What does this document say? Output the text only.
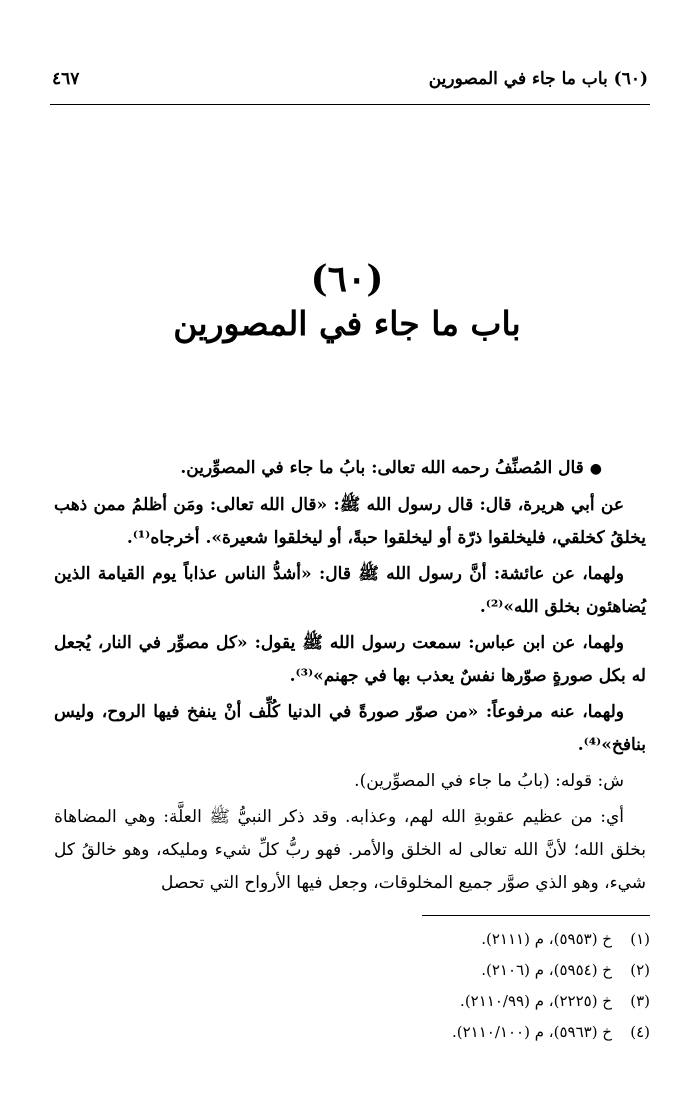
(٦٠) باب ما جاء في المصورين
٤٦٧
(٦٠)
باب ما جاء في المصورين

●قال المُصنِّفُ رحمه الله تعالى: بابُ ما جاء في المصوِّرين.

عن أبي هريرة، قال: قال رسول الله ﷺ: «قال الله تعالى: ومَن أظلمُ ممن ذهب يخلقُ كخلقي، فليخلقوا ذرّة أو ليخلقوا حبةً، أو ليخلقوا شعيرة». أخرجاه⁽¹⁾.

ولهما، عن عائشة: أنَّ رسول الله ﷺ قال: «أشدُّ الناس عذاباً يوم القيامة الذين يُضاهئون بخلق الله»⁽²⁾.

ولهما، عن ابن عباس: سمعت رسول الله ﷺ يقول: «كل مصوِّر في النار، يُجعل له بكل صورةٍ صوّرها نفسٌ يعذب بها في جهنم»⁽³⁾.

ولهما، عنه مرفوعاً: «من صوّر صورةً في الدنيا كُلِّف أنْ ينفخ فيها الروح، وليس بنافخ»⁽⁴⁾.

ش: قوله: (بابُ ما جاء في المصوِّرين).

أي: من عظيم عقوبةِ الله لهم، وعذابه. وقد ذكر النبيُّ ﷺ العلَّة: وهي المضاهاة بخلق الله؛ لأنَّ الله تعالى له الخلق والأمر. فهو ربُّ كلِّ شيء ومليكه، وهو خالقُ كل شيء، وهو الذي صوَّر جميع المخلوقات، وجعل فيها الأرواح التي تحصل

(١)
خ (٥٩٥٣)، م (٢١١١).
(٢)
خ (٥٩٥٤)، م (٢١٠٦).
(٣)
خ (٢٢٢٥)، م (٢١١٠/٩٩).
(٤)
خ (٥٩٦٣)، م (٢١١٠/١٠٠).
